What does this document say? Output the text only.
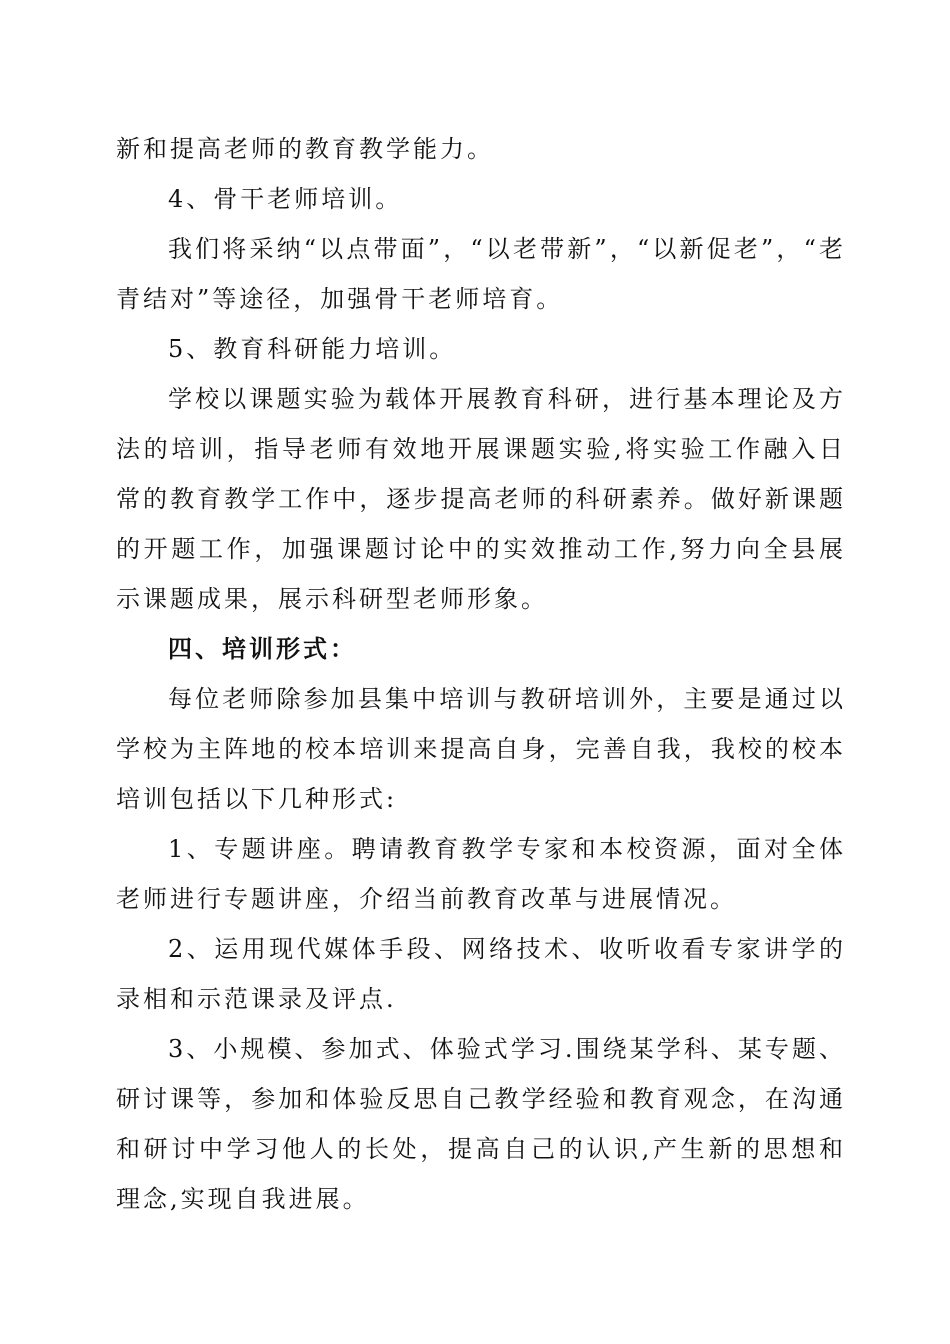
新和提高老师的教育教学能力。

4、骨干老师培训。

我们将采纳“以点带面”，“以老带新”，“以新促老”，“老青结对”等途径，加强骨干老师培育。

5、教育科研能力培训。

学校以课题实验为载体开展教育科研，进行基本理论及方法的培训，指导老师有效地开展课题实验,将实验工作融入日常的教育教学工作中，逐步提高老师的科研素养。做好新课题的开题工作，加强课题讨论中的实效推动工作,努力向全县展示课题成果，展示科研型老师形象。

四、培训形式：

每位老师除参加县集中培训与教研培训外，主要是通过以学校为主阵地的校本培训来提高自身，完善自我，我校的校本培训包括以下几种形式:

1、专题讲座。聘请教育教学专家和本校资源，面对全体老师进行专题讲座，介绍当前教育改革与进展情况。

2、运用现代媒体手段、网络技术、收听收看专家讲学的录相和示范课录及评点.

3、小规模、参加式、体验式学习.围绕某学科、某专题、研讨课等，参加和体验反思自己教学经验和教育观念，在沟通和研讨中学习他人的长处，提高自己的认识,产生新的思想和理念,实现自我进展。
